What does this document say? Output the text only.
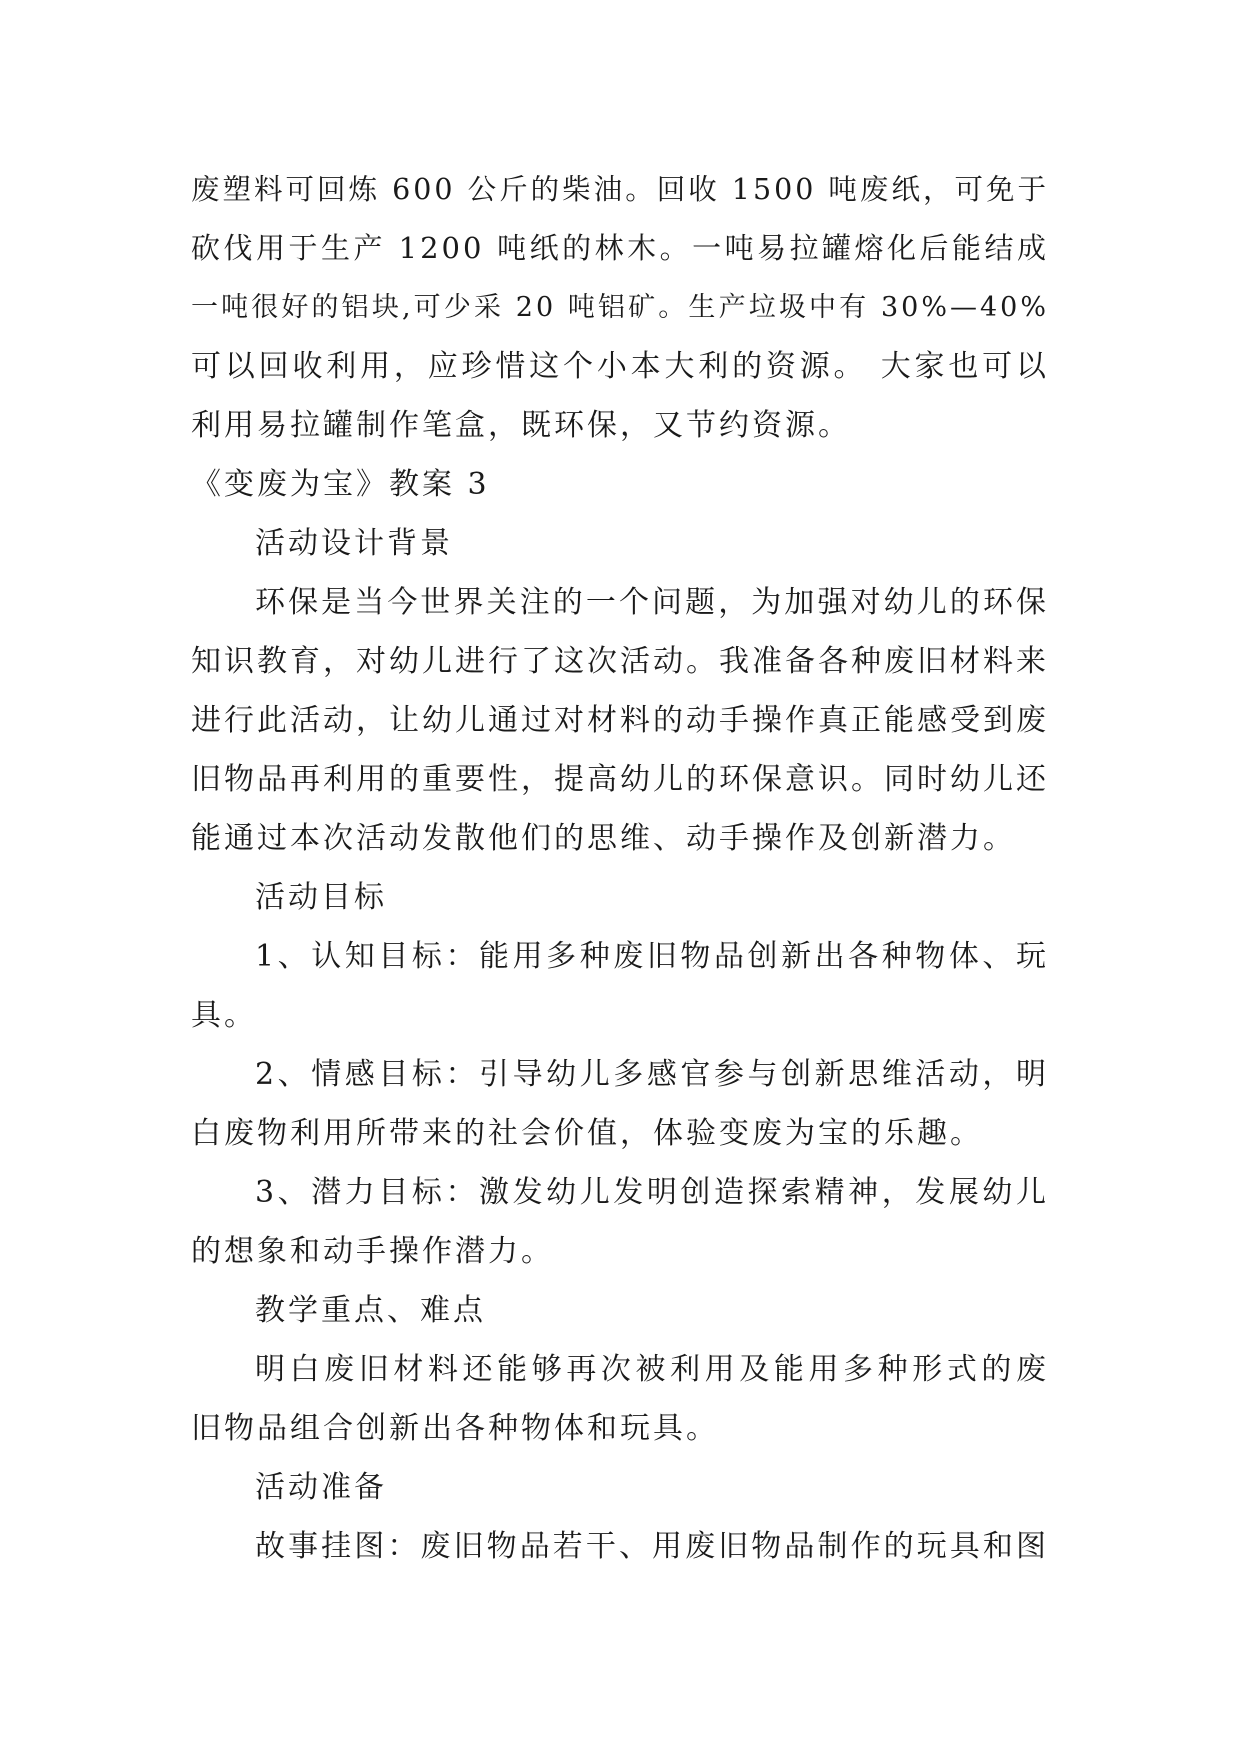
废塑料可回炼 600 公斤的柴油。回收 1500 吨废纸，可免于
砍伐用于生产 1200 吨纸的林木。一吨易拉罐熔化后能结成
一吨很好的铝块,可少采 20 吨铝矿。生产垃圾中有 30%—40%
可以回收利用，应珍惜这个小本大利的资源。 大家也可以
利用易拉罐制作笔盒，既环保，又节约资源。
《变废为宝》教案 3
活动设计背景
环保是当今世界关注的一个问题，为加强对幼儿的环保
知识教育，对幼儿进行了这次活动。我准备各种废旧材料来
进行此活动，让幼儿通过对材料的动手操作真正能感受到废
旧物品再利用的重要性，提高幼儿的环保意识。同时幼儿还
能通过本次活动发散他们的思维、动手操作及创新潜力。
活动目标
1、认知目标：能用多种废旧物品创新出各种物体、玩
具。
2、情感目标：引导幼儿多感官参与创新思维活动，明
白废物利用所带来的社会价值，体验变废为宝的乐趣。
3、潜力目标：激发幼儿发明创造探索精神，发展幼儿
的想象和动手操作潜力。
教学重点、难点
明白废旧材料还能够再次被利用及能用多种形式的废
旧物品组合创新出各种物体和玩具。
活动准备
故事挂图：废旧物品若干、用废旧物品制作的玩具和图
